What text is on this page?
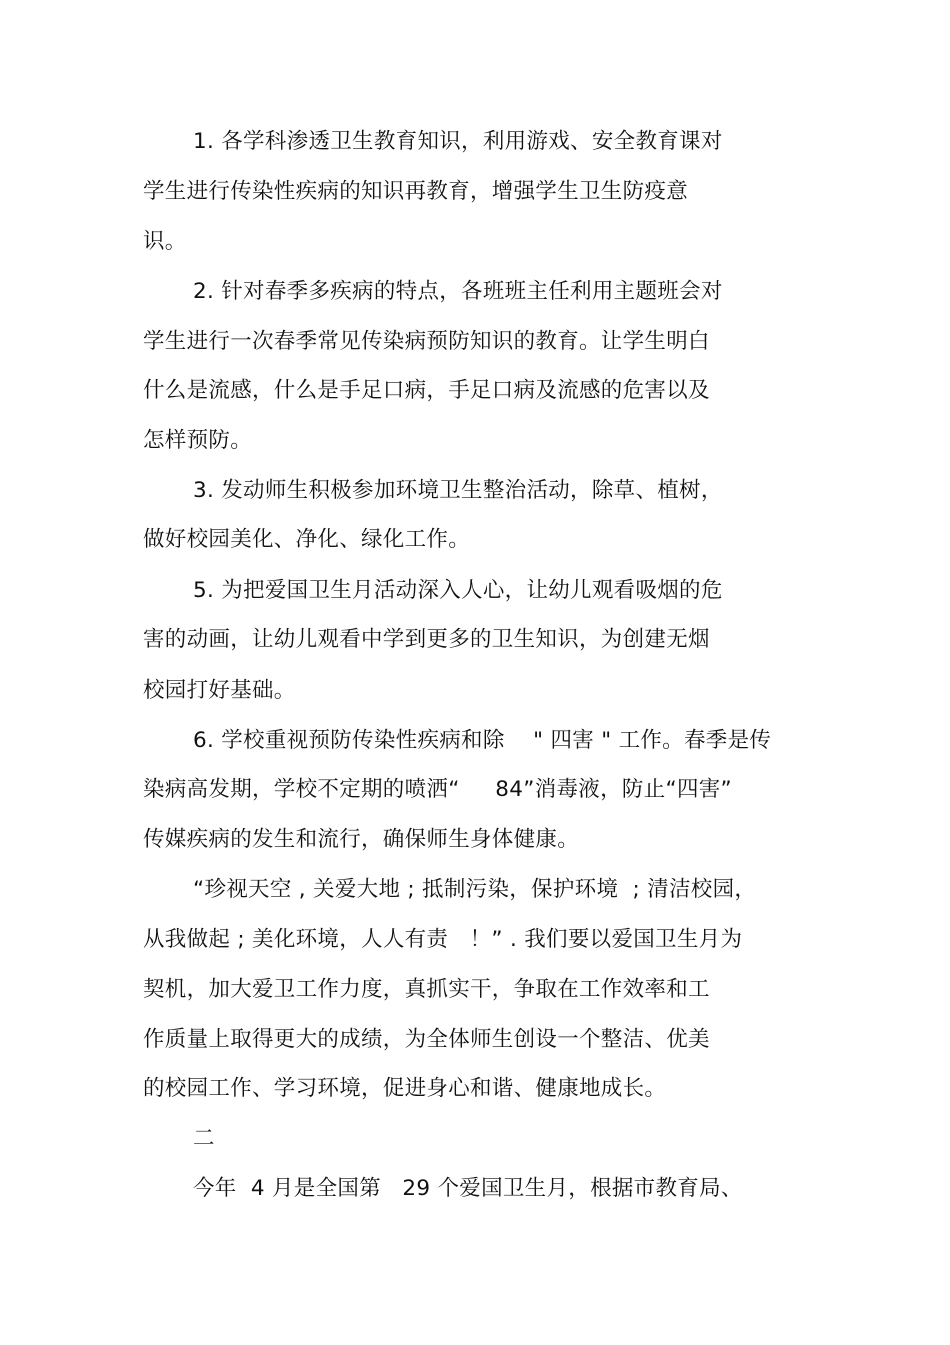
1. 各学科渗透卫生教育知识，利用游戏、安全教育课对
学生进行传染性疾病的知识再教育，增强学生卫生防疫意
识。
2. 针对春季多疾病的特点，各班班主任利用主题班会对
学生进行一次春季常见传染病预防知识的教育。让学生明白
什么是流感，什么是手足口病，手足口病及流感的危害以及
怎样预防。
3. 发动师生积极参加环境卫生整治活动，除草、植树，
做好校园美化、净化、绿化工作。
5. 为把爱国卫生月活动深入人心，让幼儿观看吸烟的危
害的动画，让幼儿观看中学到更多的卫生知识，为创建无烟
校园打好基础。
6. 学校重视预防传染性疾病和除    " 四害 " 工作。春季是传
染病高发期，学校不定期的喷洒“     84”消毒液，防止“四害”
传媒疾病的发生和流行，确保师生身体健康。
“珍视天空 , 关爱大地 ; 抵制污染，保护环境  ; 清洁校园，
从我做起 ; 美化环境，人人有责   ！” . 我们要以爱国卫生月为
契机，加大爱卫工作力度，真抓实干，争取在工作效率和工
作质量上取得更大的成绩，为全体师生创设一个整洁、优美
的校园工作、学习环境，促进身心和谐、健康地成长。
二
今年  4 月是全国第   29 个爱国卫生月，根据市教育局、
